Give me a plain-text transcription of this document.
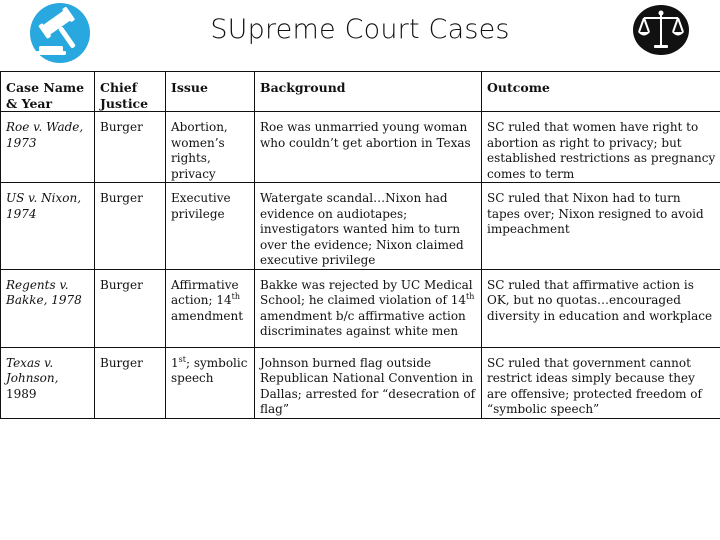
SUpreme Court Cases
Case Name & Year	Chief Justice	Issue	Background	Outcome
Roe v. Wade, 1973	Burger	Abortion, women’s rights, privacy	Roe was unmarried young woman who couldn’t get abortion in Texas	SC ruled that women have right to abortion as right to privacy; but established restrictions as pregnancy comes to term
US v. Nixon, 1974	Burger	Executive privilege	Watergate scandal…Nixon had evidence on audiotapes; investigators wanted him to turn over the evidence; Nixon claimed executive privilege	SC ruled that Nixon had to turn tapes over; Nixon resigned to avoid impeachment
Regents v. Bakke, 1978	Burger	Affirmative action; 14th amendment	Bakke was rejected by UC Medical School; he claimed violation of 14th amendment b/c affirmative action discriminates against white men	SC ruled that affirmative action is OK, but no quotas…encouraged diversity in education and workplace
Texas v. Johnson, 1989	Burger	1st; symbolic speech	Johnson burned flag outside Republican National Convention in Dallas; arrested for “desecration of flag”	SC ruled that government cannot restrict ideas simply because they are offensive; protected freedom of “symbolic speech”
